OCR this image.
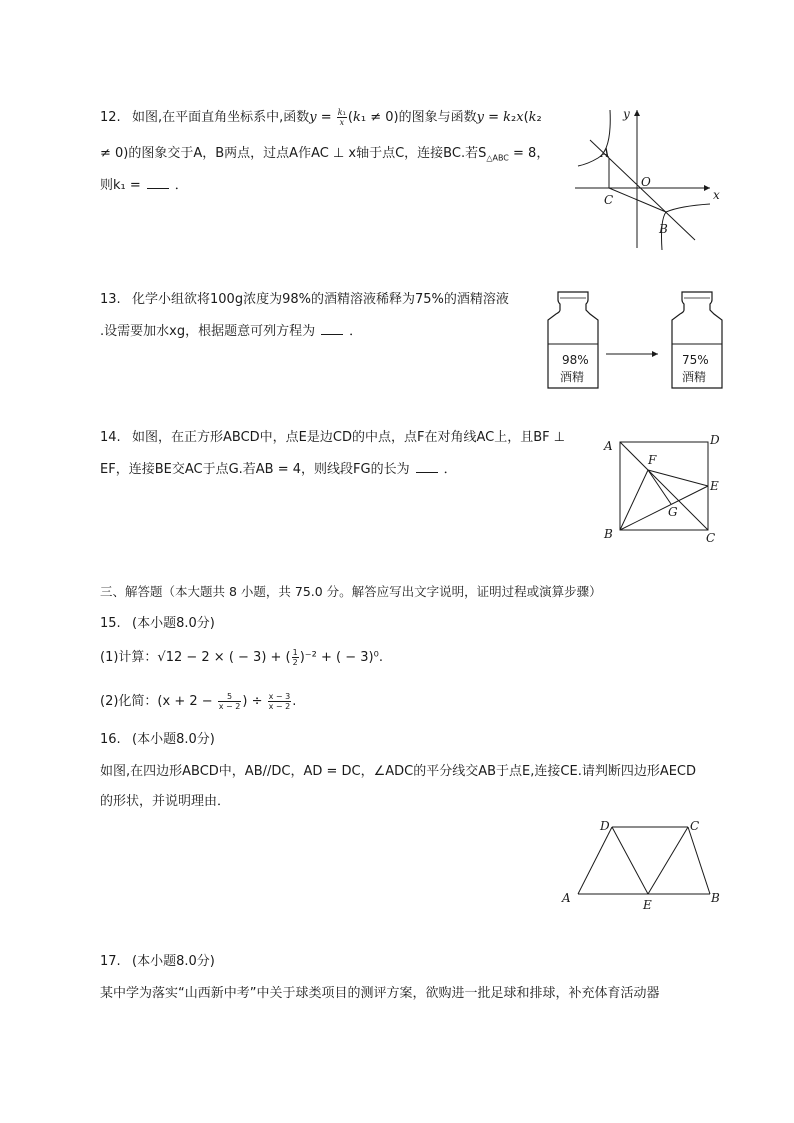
12. 如图,在平面直角坐标系中,函数$y = \frac{\text{k₁}}{x} (k_1 \ne 0)$的图象与函数y = k₂x(k₂
≠ 0)的图象交于A，B两点，过点A作AC ⊥ x轴于点C，连接BC.若$S_{\triangle ABC} = 8$，
则k₁ =	．
y
x
A
O
C
B
13. 化学小组欲将100g浓度为98%的酒精溶液稀释为75%的酒精溶液
.设需要加水xg，根据题意可列方程为	．
98%
酒精
75%
酒精
14. 如图，在正方形ABCD中，点E是边CD的中点，点F在对角线AC上，且BF ⊥
EF，连接BE交AC于点G.若AB = 4，则线段FG的长为	．
A	D
F
E
G
B	C
三、解答题（本大题共 8 小题，共 75.0 分。解答应写出文字说明，证明过程或演算步骤）
15. (本小题8.0分)
(1)计算：√12 − 2 × ( − 3) + ( $\frac{1}{2} )^{-2}$ + ( − 3)⁰.
(2)化简：($x + 2 - \frac{5}{x - 2}$ ) ÷ $\frac{x - 3}{x - 2}$ .
16. (本小题8.0分)
如图,在四边形ABCD中，AB//DC，AD = DC，∠ADC的平分线交AB于点E,连接CE.请判断四边形AECD
的形状，并说明理由．
D	C
A	E	B
17. (本小题8.0分)
某中学为落实“山西新中考”中关于球类项目的测评方案，欲购进一批足球和排球，补充体育活动器
